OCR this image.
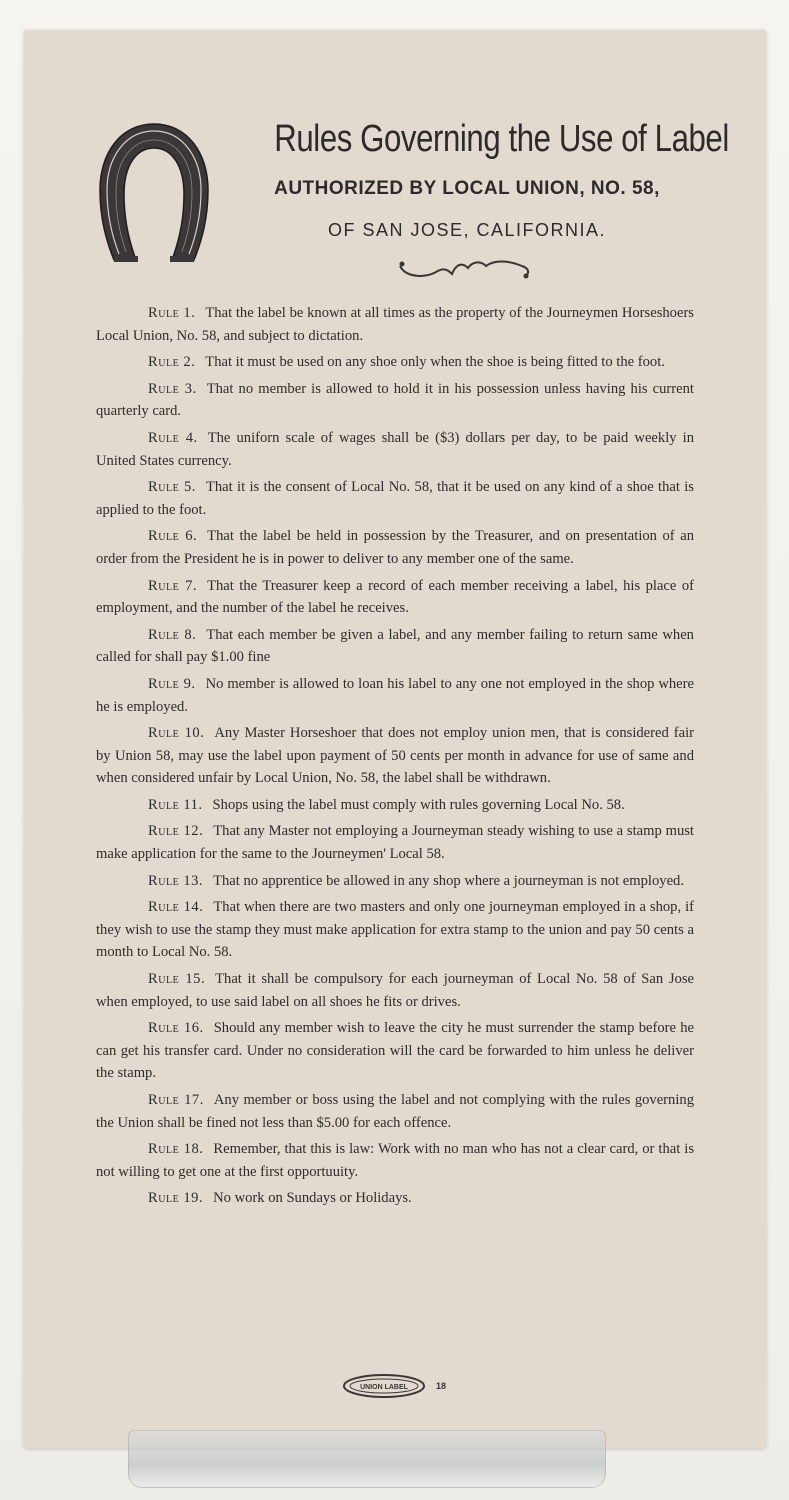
Rules Governing the Use of Label
AUTHORIZED BY LOCAL UNION, NO. 58,
OF SAN JOSE, CALIFORNIA.

Rule 1. That the label be known at all times as the property of the Journeymen Horseshoers Local Union, No. 58, and subject to dictation.

Rule 2. That it must be used on any shoe only when the shoe is being fitted to the foot.

Rule 3. That no member is allowed to hold it in his possession unless having his current quarterly card.

Rule 4. The uniforn scale of wages shall be ($3) dollars per day, to be paid weekly in United States currency.

Rule 5. That it is the consent of Local No. 58, that it be used on any kind of a shoe that is applied to the foot.

Rule 6. That the label be held in possession by the Treasurer, and on presentation of an order from the President he is in power to deliver to any member one of the same.

Rule 7. That the Treasurer keep a record of each member receiving a label, his place of employment, and the number of the label he receives.

Rule 8. That each member be given a label, and any member failing to return same when called for shall pay $1.00 fine

Rule 9. No member is allowed to loan his label to any one not employed in the shop where he is employed.

Rule 10. Any Master Horseshoer that does not employ union men, that is considered fair by Union 58, may use the label upon payment of 50 cents per month in advance for use of same and when considered unfair by Local Union, No. 58, the label shall be withdrawn.

Rule 11. Shops using the label must comply with rules governing Local No. 58.

Rule 12. That any Master not employing a Journeyman steady wishing to use a stamp must make application for the same to the Journeymen' Local 58.

Rule 13. That no apprentice be allowed in any shop where a journeyman is not employed.

Rule 14. That when there are two masters and only one journeyman employed in a shop, if they wish to use the stamp they must make application for extra stamp to the union and pay 50 cents a month to Local No. 58.

Rule 15. That it shall be compulsory for each journeyman of Local No. 58 of San Jose when employed, to use said label on all shoes he fits or drives.

Rule 16. Should any member wish to leave the city he must surrender the stamp before he can get his transfer card. Under no consideration will the card be forwarded to him unless he deliver the stamp.

Rule 17. Any member or boss using the label and not complying with the rules governing the Union shall be fined not less than $5.00 for each offence.

Rule 18. Remember, that this is law: Work with no man who has not a clear card, or that is not willing to get one at the first opportuuity.

Rule 19. No work on Sundays or Holidays.

UNION LABEL	18
